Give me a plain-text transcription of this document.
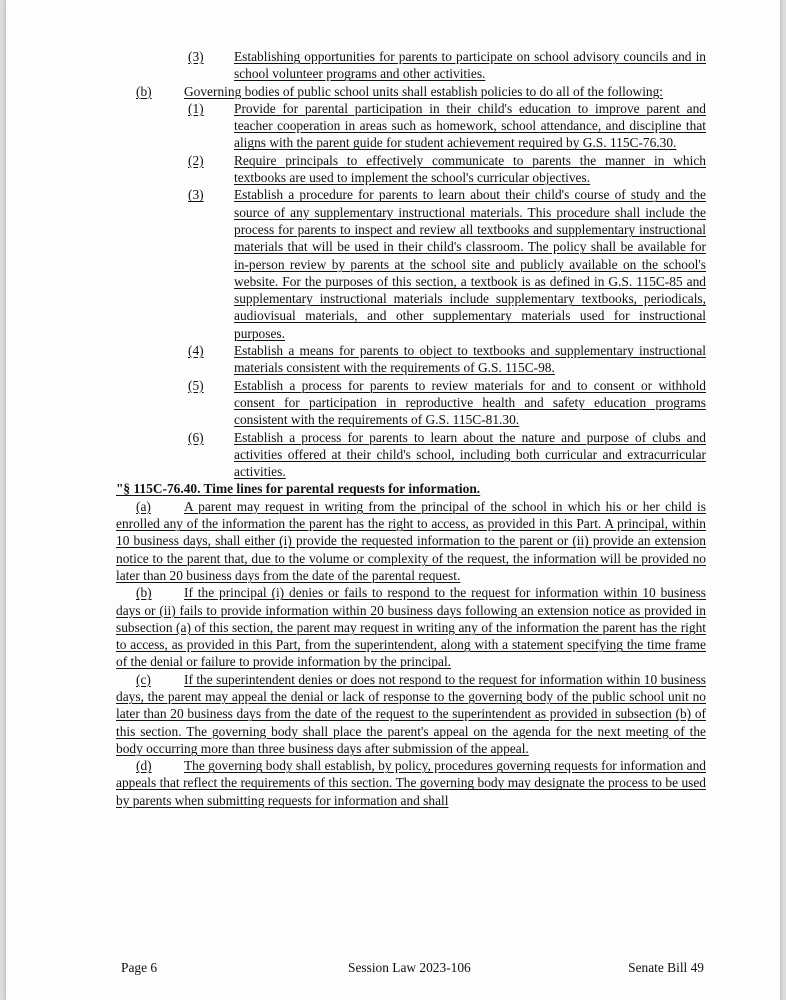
(3) Establishing opportunities for parents to participate on school advisory councils and in school volunteer programs and other activities.
(b) Governing bodies of public school units shall establish policies to do all of the following:
(1) Provide for parental participation in their child's education to improve parent and teacher cooperation in areas such as homework, school attendance, and discipline that aligns with the parent guide for student achievement required by G.S. 115C-76.30.
(2) Require principals to effectively communicate to parents the manner in which textbooks are used to implement the school's curricular objectives.
(3) Establish a procedure for parents to learn about their child's course of study and the source of any supplementary instructional materials. This procedure shall include the process for parents to inspect and review all textbooks and supplementary instructional materials that will be used in their child's classroom. The policy shall be available for in-person review by parents at the school site and publicly available on the school's website. For the purposes of this section, a textbook is as defined in G.S. 115C-85 and supplementary instructional materials include supplementary textbooks, periodicals, audiovisual materials, and other supplementary materials used for instructional purposes.
(4) Establish a means for parents to object to textbooks and supplementary instructional materials consistent with the requirements of G.S. 115C-98.
(5) Establish a process for parents to review materials for and to consent or withhold consent for participation in reproductive health and safety education programs consistent with the requirements of G.S. 115C-81.30.
(6) Establish a process for parents to learn about the nature and purpose of clubs and activities offered at their child's school, including both curricular and extracurricular activities.
"§ 115C-76.40. Time lines for parental requests for information.
(a) A parent may request in writing from the principal of the school in which his or her child is enrolled any of the information the parent has the right to access, as provided in this Part. A principal, within 10 business days, shall either (i) provide the requested information to the parent or (ii) provide an extension notice to the parent that, due to the volume or complexity of the request, the information will be provided no later than 20 business days from the date of the parental request.
(b) If the principal (i) denies or fails to respond to the request for information within 10 business days or (ii) fails to provide information within 20 business days following an extension notice as provided in subsection (a) of this section, the parent may request in writing any of the information the parent has the right to access, as provided in this Part, from the superintendent, along with a statement specifying the time frame of the denial or failure to provide information by the principal.
(c) If the superintendent denies or does not respond to the request for information within 10 business days, the parent may appeal the denial or lack of response to the governing body of the public school unit no later than 20 business days from the date of the request to the superintendent as provided in subsection (b) of this section. The governing body shall place the parent's appeal on the agenda for the next meeting of the body occurring more than three business days after submission of the appeal.
(d) The governing body shall establish, by policy, procedures governing requests for information and appeals that reflect the requirements of this section. The governing body may designate the process to be used by parents when submitting requests for information and shall
Page 6	Session Law 2023-106	Senate Bill 49
